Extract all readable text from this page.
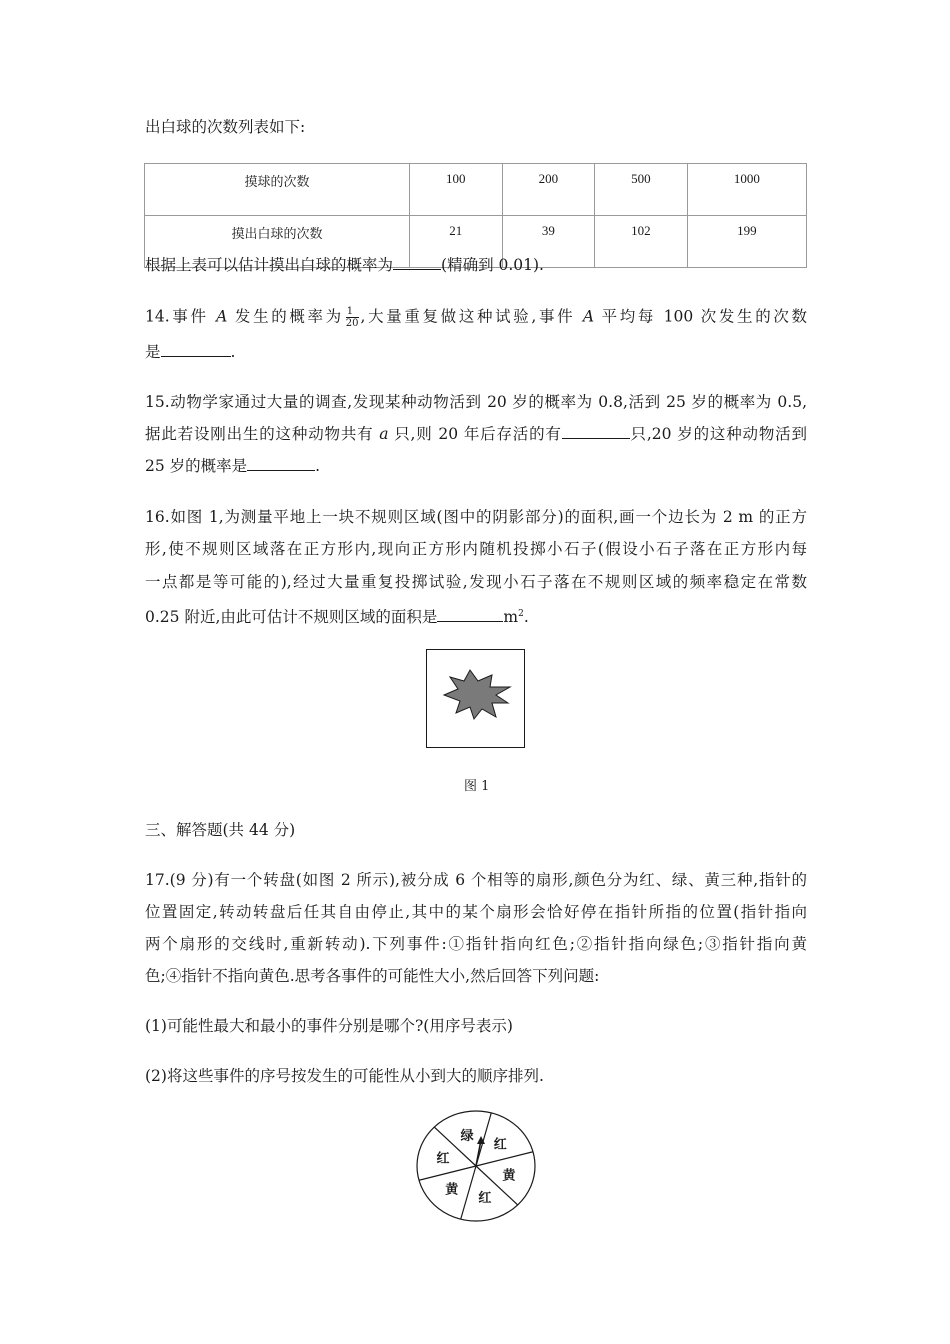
出白球的次数列表如下:
摸球的次数	100	200	500	1000
摸出白球的次数	21	39	102	199
根据上表可以估计摸出白球的概率为	(精确到 0.01).
14.事件 A 发生的概率为 $\frac{1}{20}$ ,大量重复做这种试验,事件 A 平均每 100 次发生的次数
是	.
15.动物学家通过大量的调查,发现某种动物活到 20 岁的概率为 0.8,活到 25 岁的概率为 0.5,
据此若设刚出生的这种动物共有 a 只,则 20 年后存活的有	只,20 岁的这种动物活到
25 岁的概率是	.
16.如图 1,为测量平地上一块不规则区域(图中的阴影部分)的面积,画一个边长为 2 m 的正方
形,使不规则区域落在正方形内,现向正方形内随机投掷小石子(假设小石子落在正方形内每
一点都是等可能的),经过大量重复投掷试验,发现小石子落在不规则区域的频率稳定在常数
0.25 附近,由此可估计不规则区域的面积是	$m^2$.
图 1
三、解答题(共 44 分)
17.(9 分)有一个转盘(如图 2 所示),被分成 6 个相等的扇形,颜色分为红、绿、黄三种,指针的
位置固定,转动转盘后任其自由停止,其中的某个扇形会恰好停在指针所指的位置(指针指向
两个扇形的交线时,重新转动).下列事件:①指针指向红色;②指针指向绿色;③指针指向黄
色;④指针不指向黄色.思考各事件的可能性大小,然后回答下列问题:
(1)可能性最大和最小的事件分别是哪个?(用序号表示)
(2)将这些事件的序号按发生的可能性从小到大的顺序排列.
绿
红
黄
红
黄
红
